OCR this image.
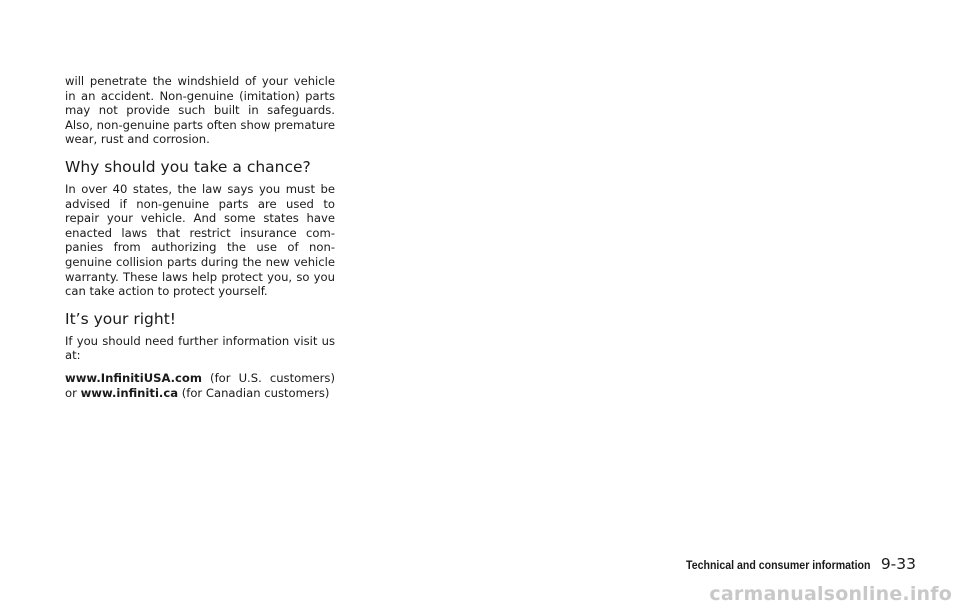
will penetrate the windshield of your vehicle in an accident. Non-genuine (imitation) parts may not provide such built in safeguards. Also, non-genuine parts often show premature wear, rust and corrosion.

Why should you take a chance?

In over 40 states, the law says you must be advised if non-genuine parts are used to repair your vehicle. And some states have enacted laws that restrict insurance companies from authorizing the use of non-genuine collision parts during the new vehicle warranty. These laws help protect you, so you can take action to protect yourself.

It’s your right!

If you should need further information visit us at:

www.InfinitiUSA.com (for U.S. customers) or www.infiniti.ca (for Canadian customers)

Technical and consumer information 9-33
carmanualsonline.info
